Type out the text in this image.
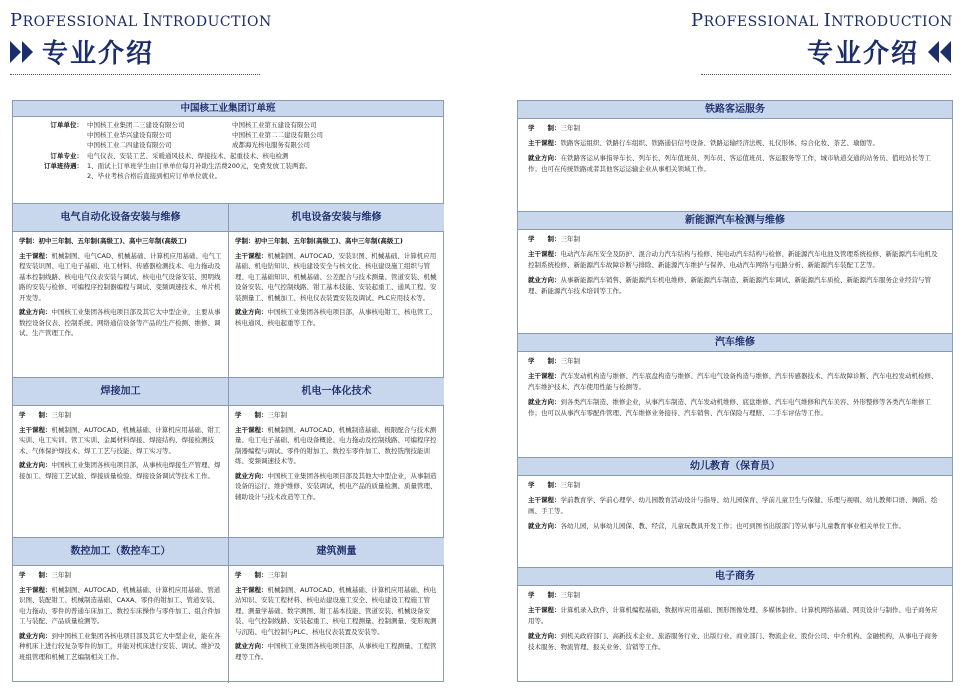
PROFESSIONAL INTRODUCTION
专业介绍
PROFESSIONAL INTRODUCTION
专业介绍
中国核工业集团订单班
订单单位： 中国核工业集团二三建设有限公司	中国核工业第五建设有限公司
中国核工业华兴建设有限公司	中国核工业第二二建设有限公司
中国核工业二四建设有限公司	成都海光核电服务有限公司
订单专业： 电气仪表、安装工艺、采暖通风技术、焊接技术、起重技术、核电检测
订单班待遇： 1、面试上订单班学生由订单单位每月补助生活费200元，免费发放工装两套。
2、毕业考核合格后直接到相应订单单位就业。
电气自动化设备安装与维修

学制：初中三年制、五年制(高级工)、高中三年制(高级工)

主干课程：机械制图、电气CAD、机械基础、计算机应用基础、电气工程安装识图、电工电子基础、电工材料、传感器检测技术、电力拖动及基本控制线路、核电电气仪表安装与调试、核电电气设备安装、照明线路的安装与检修、可编程序控制器编程与调试、变频调速技术、单片机开发等。

就业方向：中国核工业集团各核电项目部及其它大中型企业，主要从事数控设备仪表、控制系统、网络通信设备等产品的生产检测、维修、调试、生产管理工作。

机电设备安装与维修

学制：初中三年制、五年制(高级工)、高中三年制(高级工)

主干课程：机械制图、AUTOCAD、安装识图、机械基础、计算机应用基础、机电钻知识、核电建设安全与核文化、核电建设施工组织与管理、电工基础知识、机械基础、公差配合与技术测量、管道安装、机械设备安装、电气控制线路、钳工基本技能、安装起重工、通风工程、安装测量工、机械加工、核电仪表装置安装及调试、PLC应用技术等。

就业方向：中国核工业集团各核电项目部，从事核电钳工、核电管工、核电通风、核电起重等工作。

焊接加工

学　　制：三年制

主干课程：机械制图、AUTOCAD、机械基础、计算机应用基础、钳工实训、电工实训、管工实训、金属材料焊接、焊接结构、焊接检测技术、气体保护焊技术、焊工工艺与技能、焊工实习等。

就业方向：中国核工业集团各核电项目部，从事核电焊接生产管理、焊接加工、焊接工艺试验、焊接质量检验、焊接设备调试等技术工作。

机电一体化技术

学　　制：三年制

主干课程：机械制图、AUTOCAD、机械制造基础、极限配合与技术测量、电工电子基础、机电设备概论、电力拖动及控制线路、可编程序控制器编程与调试、零件的钳加工、数控车零件加工、数控铣削技能训练、变频调速技术等。

就业方向：中国核工业集团各核电项目部及其他大中型企业，从事制造设备的运行、维护维修、安装调试，机电产品的质量检测、质量管理、辅助设计与技术改造等工作。

数控加工（数控车工）

学　　制：三年制

主干课程：机械制图、AUTOCAD、机械基础、计算机应用基础、管道识图、装配钳工、机械制造基础、CAXA、零件的钳加工、管道安装、电力拖动、零件的普通车床加工、数控车床操作与零件加工、组合件加工与装配、产品质量检测等。

就业方向：到中国核工业集团各核电项目部及其它大中型企业，能在各种机床上进行较复杂零件的加工，并能对机床进行安装、调试、维护及班组管理和机械工艺编制相关工作。

建筑测量

学　　制：三年制

主干课程：机械制图、AUTOCAD、机械基础、计算机应用基础、核电站知识、安装工程材料、核电站建设施工安全、核电建设工程施工管理、测量学基础、数字测图、钳工基本技能、管道安装、机械设备安装、电气控制线路、安装起重工、核电工程测量、控制测量、变形观测与沉陷、电气控制与PLC、核电仪表装置及安装等。

就业方向：中国核工业集团各核电项目部，从事核电工程测量、工程管理等工作。

铁路客运服务

学　　制：三年制

主干课程：铁路客运组织、铁路行车组织、铁路通信信号设备、铁路运输经济法规、礼仪形体、综合化妆、茶艺、瑜伽等。

就业方向：在铁路客运从事指导车长、列车长、列车值班员、列车员、客运值班员、客运服务等工作，城市轨道交通的站务员、值班站长等工作；也可在传统铁路或者其他客运运输企业从事相关领域工作。

新能源汽车检测与维修

学　　制：三年制

主干课程：电动汽车高压安全及防护、混合动力汽车结构与检修、纯电动汽车结构与检修、新能源汽车电池及管理系统检修、新能源汽车电机及控制系统检修、新能源汽车故障诊断与排除、新能源汽车维护与保养、电动汽车网络与电路分析、新能源汽车装配工艺等。

就业方向：从事新能源汽车销售、新能源汽车机电维修、新能源汽车制造、新能源汽车调试、新能源汽车质检、新能源汽车服务企业经营与管理、新能源汽车技术培训等工作。

汽车维修

学　　制：三年制

主干课程：汽车发动机构造与维修、汽车底盘构造与维修、汽车电气设备构造与维修、汽车传感器技术、汽车故障诊断、汽车电控发动机检修、汽车维护技术、汽车使用性能与检测等。

就业方向：到各类汽车制造、维修企业，从事汽车制造、汽车发动机维修、底盘维修、汽车电气维修和汽车美容、外形整修等各类汽车维修工作；也可以从事汽车零配件管理、汽车维修业务接待、汽车销售、汽车保险与理赔、二手车评估等工作。

幼儿教育（保育员）

学　　制：三年制

主干课程：学前教育学、学前心理学、幼儿园教育活动设计与指导、幼儿园保育、学前儿童卫生与保健、乐理与视唱、幼儿教师口语、舞蹈、绘画、手工等。

就业方向：各幼儿园，从事幼儿园保、教、经营，儿童玩教具开发工作；也可到图书出版部门等从事与儿童教育事业相关单位工作。

电子商务

学　　制：三年制

主干课程：计算机录入软件、计算机编程基础、数据库应用基础、图形图像处理、多媒体制作、计算机网络基础、网页设计与制作、电子商务应用等。

就业方向：到机关政府部门、高新技术企业、旅游服务行业、出版行业、商业部门、物流企业、股份公司、中介机构、金融机构，从事电子商务技术服务、物流管理、报关业务、营销等工作。
